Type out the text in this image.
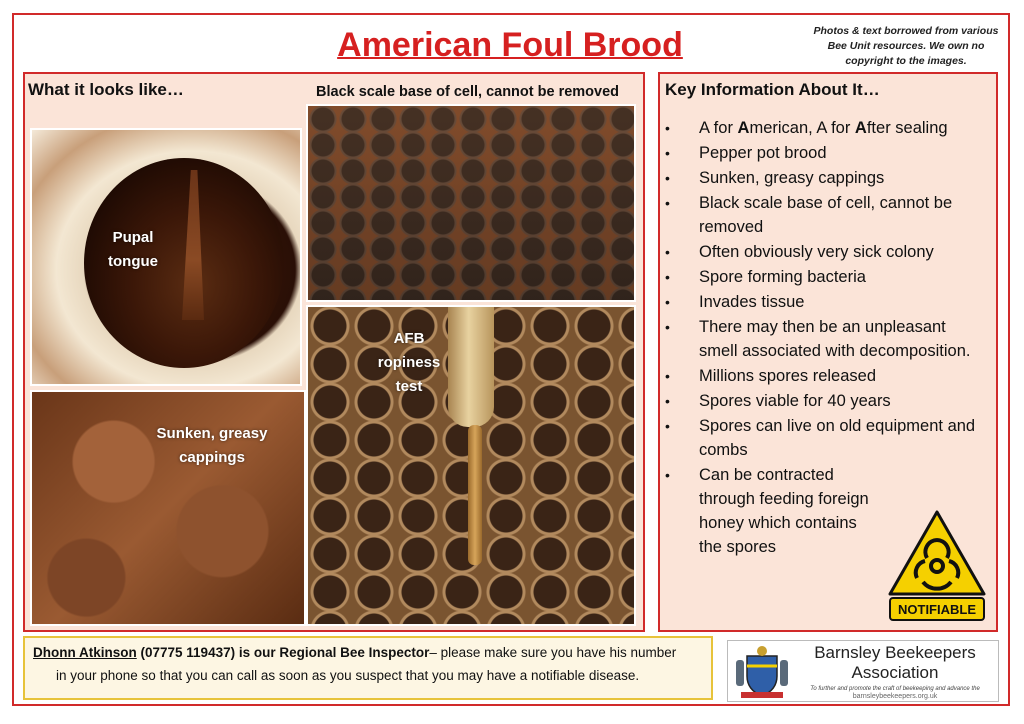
American Foul Brood	Photos & text borrowed from various Bee Unit resources. We own no copyright to the images.
What it looks like…	Black scale base of cell, cannot be removed
Pupal tongue
Sunken, greasy cappings
AFB ropiness test
Key Information About It…
• A for American, A for After sealing
• Pepper pot brood
• Sunken, greasy cappings
• Black scale base of cell, cannot be removed
• Often obviously very sick colony
• Spore forming bacteria
• Invades tissue
• There may then be an unpleasant smell associated with decomposition.
• Millions spores released
• Spores viable for 40 years
• Spores can live on old equipment and combs
• Can be contracted through feeding foreign honey which contains the spores
NOTIFIABLE
Dhonn Atkinson (07775 119437) is our Regional Bee Inspector– please make sure you have his number
in your phone so that you can call as soon as you suspect that you may have a notifiable disease.
Barnsley Beekeepers
Association
To further and promote the craft of beekeeping and advance the
barnsleybeekeepers.org.uk
